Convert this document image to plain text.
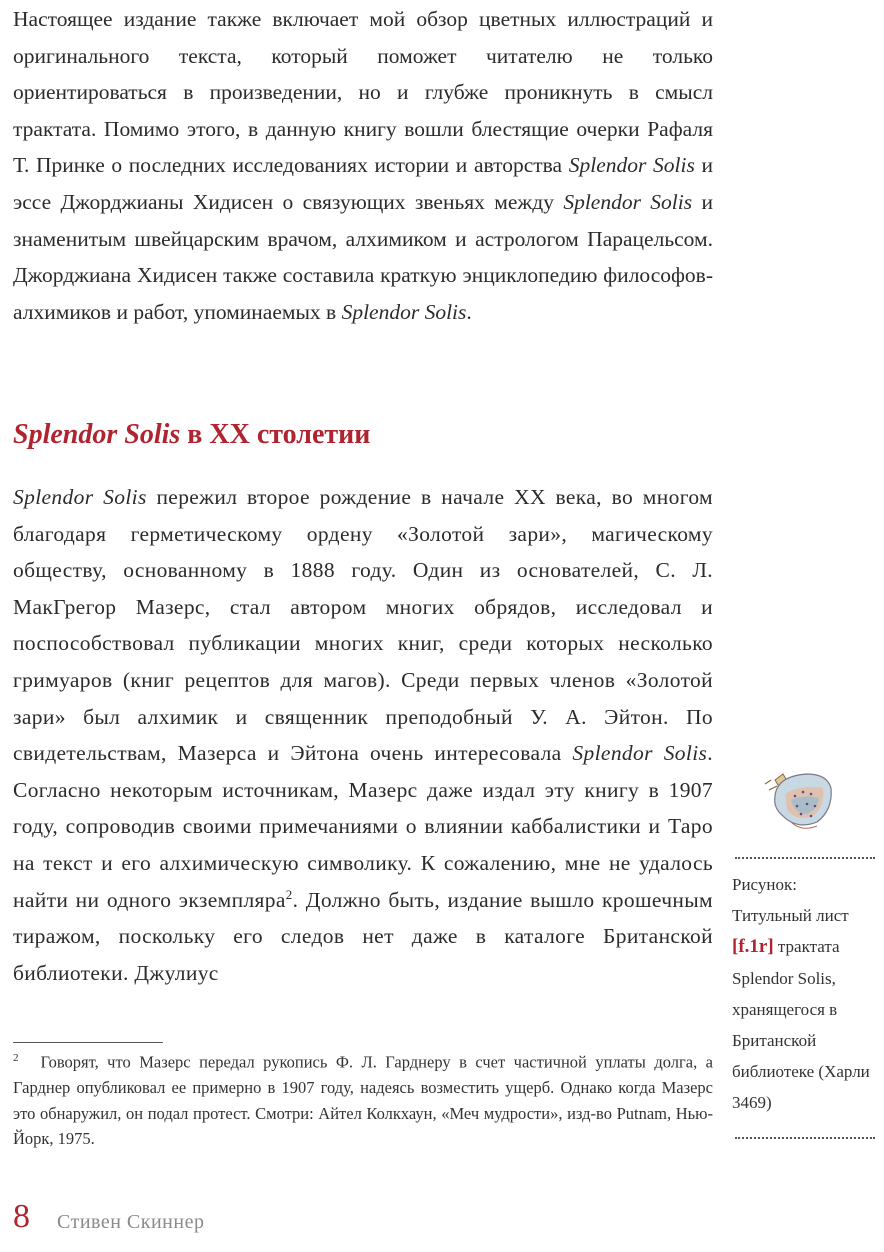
Настоящее издание также включает мой обзор цветных иллюстраций и оригинального текста, который поможет читателю не только ориентироваться в произведении, но и глубже проникнуть в смысл трактата. Помимо этого, в данную книгу вошли блестящие очерки Рафаля Т. Принке о последних исследованиях истории и авторства Splendor Solis и эссе Джорджианы Хидисен о связующих звеньях между Splendor Solis и знаменитым швейцарским врачом, алхимиком и астрологом Парацельсом. Джорджиана Хидисен также составила краткую энциклопедию философов-алхимиков и работ, упоминаемых в Splendor Solis.

Splendor Solis в XX столетии

Splendor Solis пережил второе рождение в начале XX века, во многом благодаря герметическому ордену «Золотой зари», магическому обществу, основанному в 1888 году. Один из основателей, С. Л. МакГрегор Мазерс, стал автором многих обрядов, исследовал и поспособствовал публикации многих книг, среди которых несколько гримуаров (книг рецептов для магов). Среди первых членов «Золотой зари» был алхимик и священник преподобный У. А. Эйтон. По свидетельствам, Мазерса и Эйтона очень интересовала Splendor Solis. Согласно некоторым источникам, Мазерс даже издал эту книгу в 1907 году, сопроводив своими примечаниями о влиянии каббалистики и Таро на текст и его алхимическую символику. К сожалению, мне не удалось найти ни одного экземпляра$^2$. Должно быть, издание вышло крошечным тиражом, поскольку его следов нет даже в каталоге Британской библиотеки. Джулиус

$^2$ Говорят, что Мазерс передал рукопись Ф. Л. Гарднеру в счет частичной уплаты долга, а Гарднер опубликовал ее примерно в 1907 году, надеясь возместить ущерб. Однако когда Мазерс это обнаружил, он подал протест. Смотри: Айтел Колкхаун, «Меч мудрости», изд-во Putnam, Нью-Йорк, 1975.

Рисунок: Титульный лист [f.1r] трактата Splendor Solis, хранящегося в Британской библиотеке (Харли 3469)

8 Стивен Скиннер
